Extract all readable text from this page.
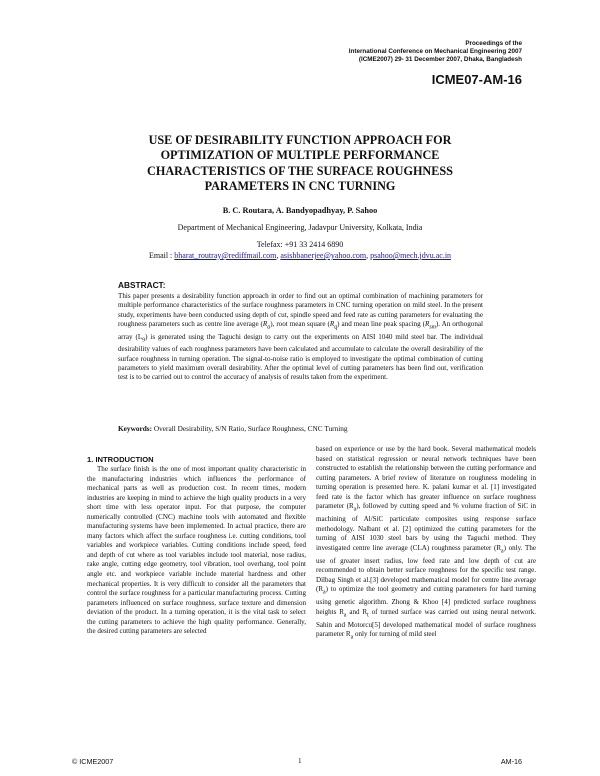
Proceedings of the
International Conference on Mechanical Engineering 2007
(ICME2007) 29- 31 December 2007, Dhaka, Bangladesh
ICME07-AM-16
USE OF DESIRABILITY FUNCTION APPROACH FOR
OPTIMIZATION OF MULTIPLE PERFORMANCE
CHARACTERISTICS OF THE SURFACE ROUGHNESS
PARAMETERS IN CNC TURNING
B. C. Routara, A. Bandyopadhyay, P. Sahoo
Department of Mechanical Engineering, Jadavpur University, Kolkata, India
Telefax: +91 33 2414 6890
Email : bharat_routray@rediffmail.com, asishbanerjee@yahoo.com, psahoo@mech.jdvu.ac.in
ABSTRACT:

This paper presents a desirability function approach in order to find out an optimal combination of machining parameters for multiple performance characteristics of the surface roughness parameters in CNC turning operation on mild steel. In the present study, experiments have been conducted using depth of cut, spindle speed and feed rate as cutting parameters for evaluating the roughness parameters such as centre line average $(R_a)$, root mean square $(R_q)$ and mean line peak spacing $(R_{sm})$. An orthogonal array $(L_9)$ is generated using the Taguchi design to carry out the experiments on AISI 1040 mild steel bar. The individual desirability values of each roughness parameters have been calculated and accumulate to calculate the overall desirability of the surface roughness in turning operation. The signal-to-noise ratio is employed to investigate the optimal combination of cutting parameters to yield maximum overall desirability. After the optimal level of cutting parameters has been find out, verification test is to be carried out to control the accuracy of analysis of results taken from the experiment.

Keywords: Overall Desirability, S/N Ratio, Surface Roughness, CNC Turning
1. INTRODUCTION

The surface finish is the one of most important quality characteristic in the manufacturing industries which influences the performance of mechanical parts as well as production cost. In recent times, modern industries are keeping in mind to achieve the high quality products in a very short time with less operator input. For that purpose, the computer numerically controlled (CNC) machine tools with automated and flexible manufacturing systems have been implemented. In actual practice, there are many factors which affect the surface roughness i.e. cutting conditions, tool variables and workpiece variables. Cutting conditions include speed, feed and depth of cut where as tool variables include tool material, nose radius, rake angle, cutting edge geometry, tool vibration, tool overhang, tool point angle etc. and workpiece variable include material hardness and other mechanical properties. It is very difficult to consider all the parameters that control the surface roughness for a particular manufacturing process. Cutting parameters influenced on surface roughness, surface texture and dimension deviation of the product. In a turning operation, it is the vital task to select the cutting parameters to achieve the high quality performance. Generally, the desired cutting parameters are selected

based on experience or use by the hard book. Several mathematical models based on statistical regression or neural network techniques have been constructed to establish the relationship between the cutting performance and cutting parameters. A brief review of literature on roughness modeling in turning operation is presented here. K. palani kumar et al. [1] investigated feed rate is the factor which has greater influence on surface roughness parameter $(R_a)$, followed by cutting speed and % volume fraction of SiC in machining of Al/SiC particulate composites using response surface methodology. Nalbant et al. [2] optimized the cutting parameters for the turning of AISI 1030 steel bars by using the Taguchi method. They investigated centre line average (CLA) roughness parameter $(R_a)$ only. The use of greater insert radius, low feed rate and low depth of cut are recommended to obtain better surface roughness for the specific test range. Dilbag Singh et al.[3] developed mathematical model for centre line average $(R_a)$ to optimize the tool geometry and cutting parameters for hard turning using genetic algorithm. Zhong & Khoo [4] predicted surface roughness heights $R_a$ and $R_t$ of turned surface was carried out using neural network. Sahin and Motorcu[5] developed mathematical model of surface roughness parameter $R_a$ only for turning of mild steel

© ICME2007	1	AM-16
